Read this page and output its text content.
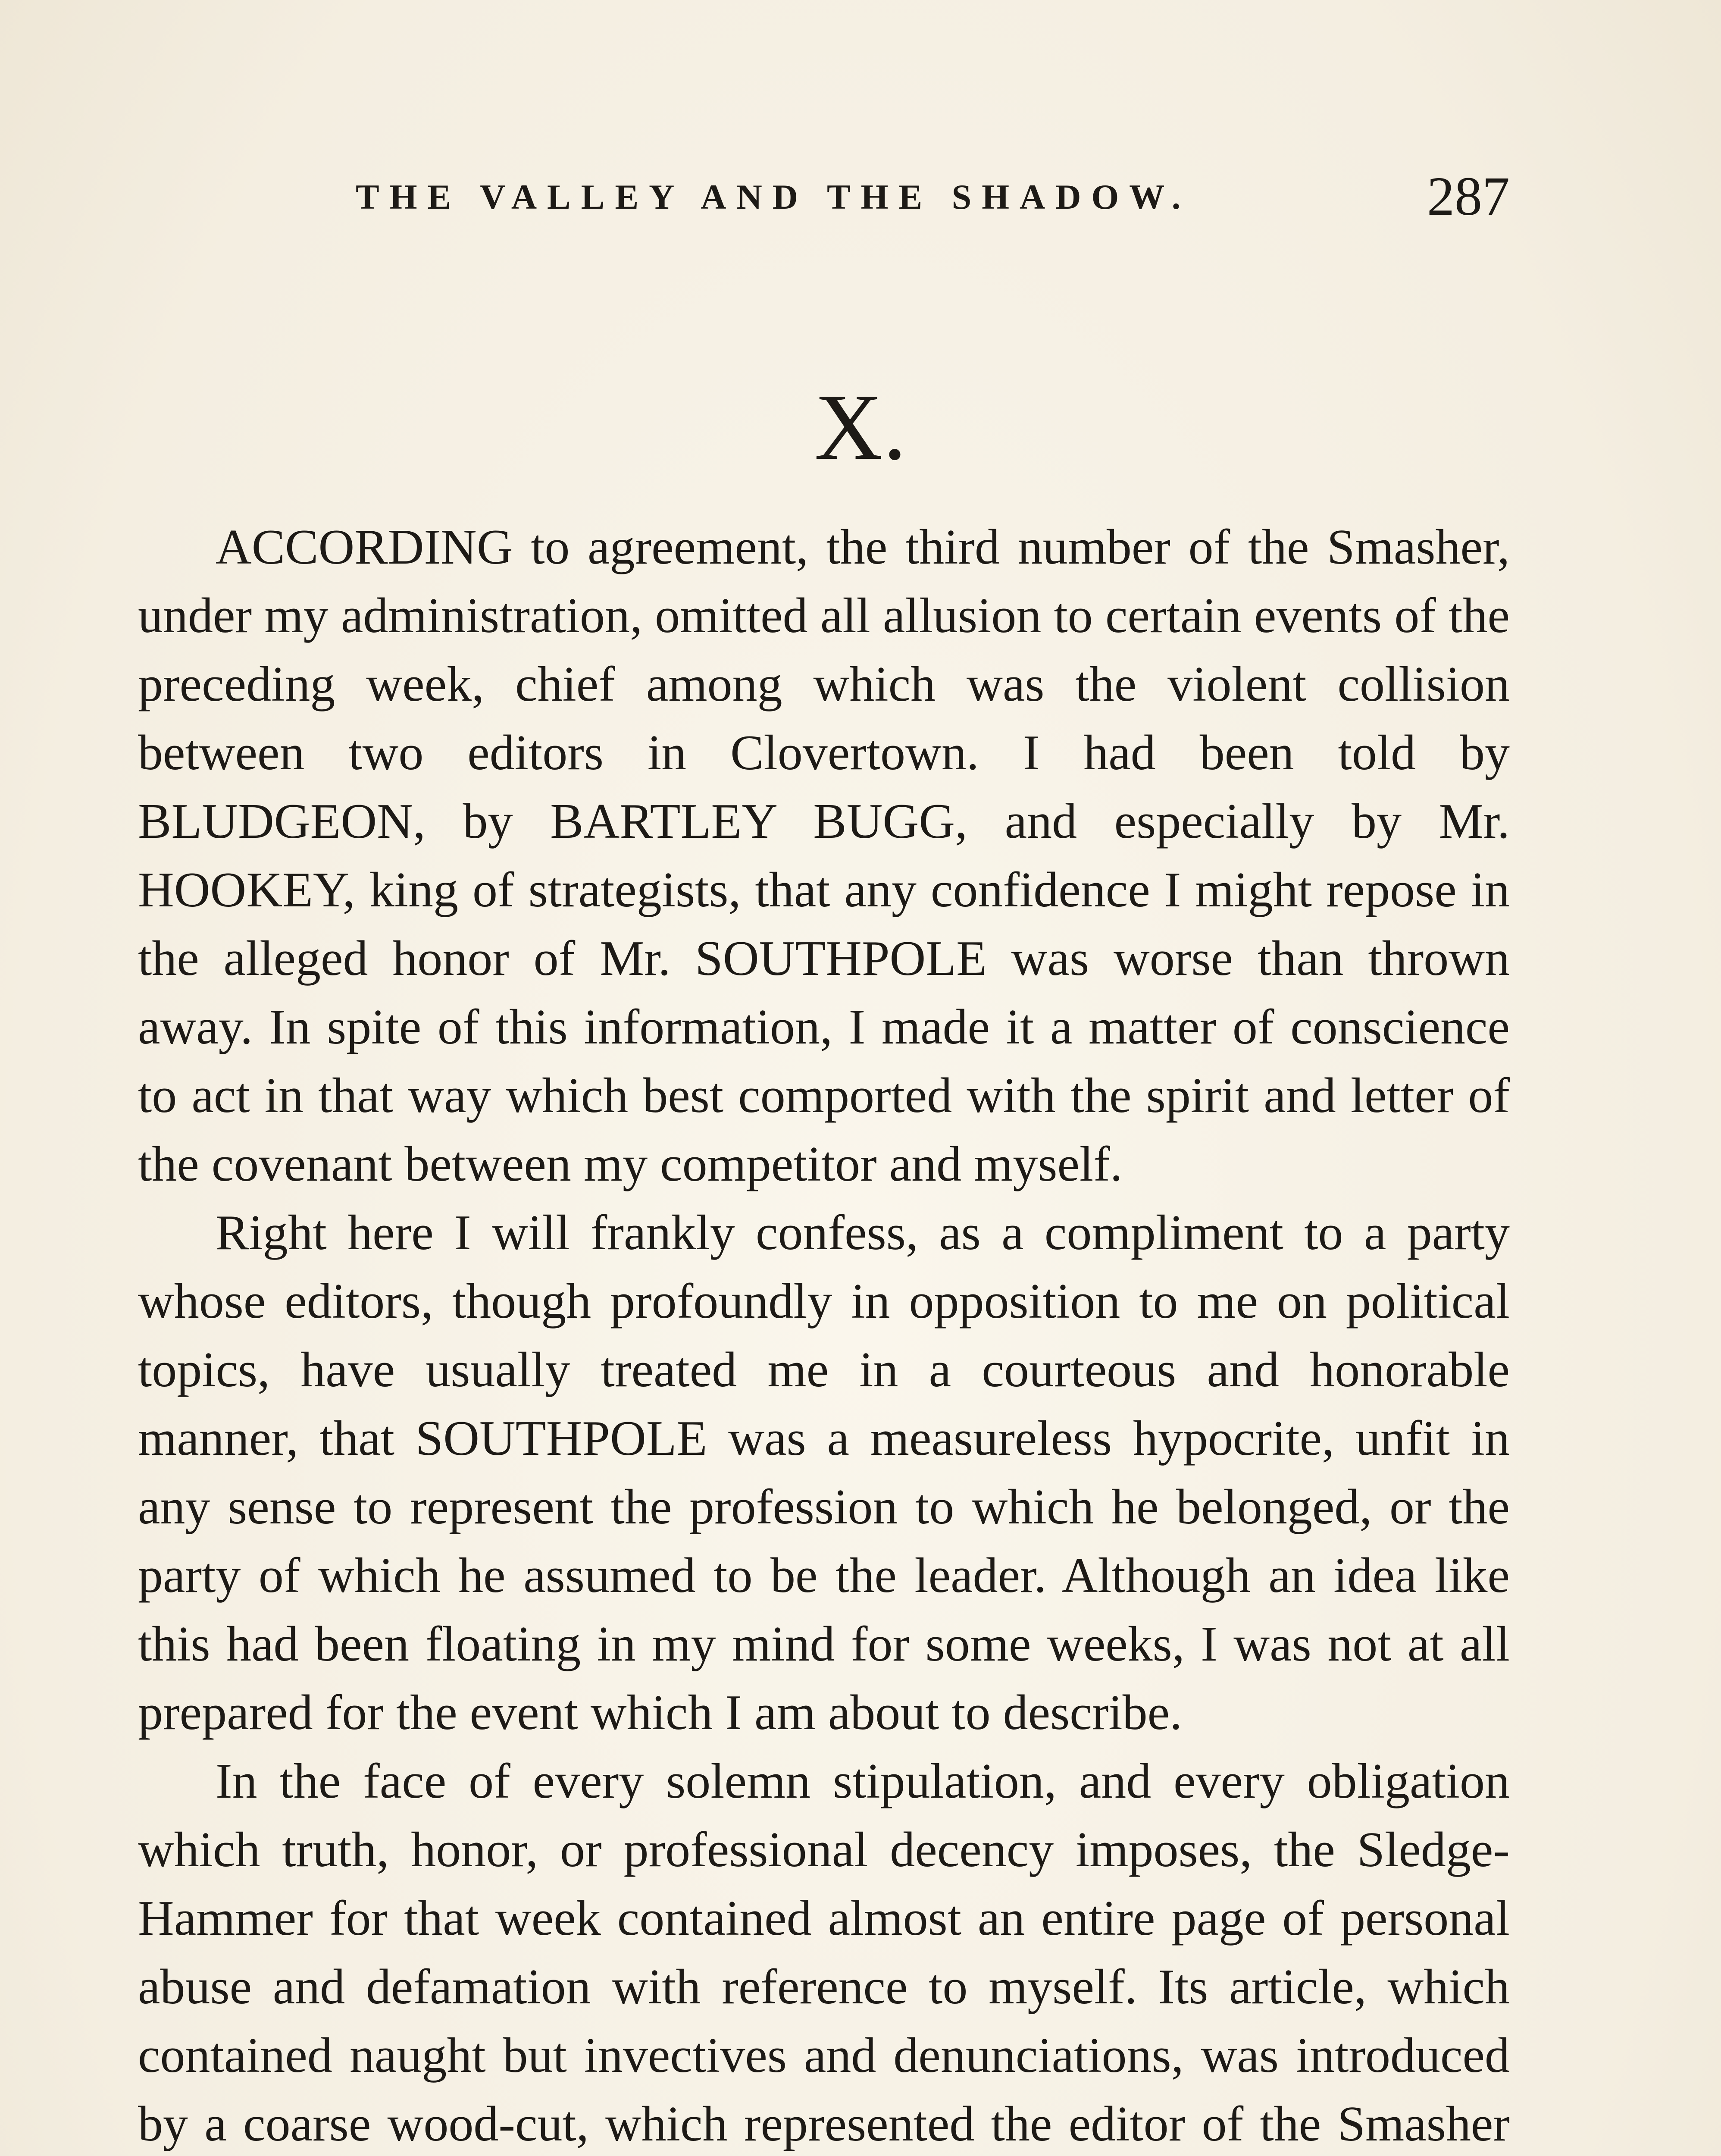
THE VALLEY AND THE SHADOW.	287
X.

ACCORDING to agreement, the third number of the Smasher, under my administration, omitted all allusion to certain events of the preceding week, chief among which was the violent collision between two editors in Clovertown. I had been told by BLUDGEON, by BARTLEY BUGG, and especially by Mr. HOOKEY, king of strategists, that any confidence I might repose in the alleged honor of Mr. SOUTHPOLE was worse than thrown away. In spite of this information, I made it a matter of conscience to act in that way which best comported with the spirit and letter of the covenant between my competitor and myself.

Right here I will frankly confess, as a compliment to a party whose editors, though profoundly in opposition to me on political topics, have usually treated me in a courteous and honorable manner, that SOUTHPOLE was a measureless hypocrite, unfit in any sense to represent the profession to which he belonged, or the party of which he assumed to be the leader. Although an idea like this had been floating in my mind for some weeks, I was not at all prepared for the event which I am about to describe.

In the face of every solemn stipulation, and every obligation which truth, honor, or professional decency imposes, the Sledge-Hammer for that week contained almost an entire page of personal abuse and defamation with reference to myself. Its article, which contained naught but invectives and denunciations, was introduced by a coarse wood-cut, which represented the editor of the Smasher
